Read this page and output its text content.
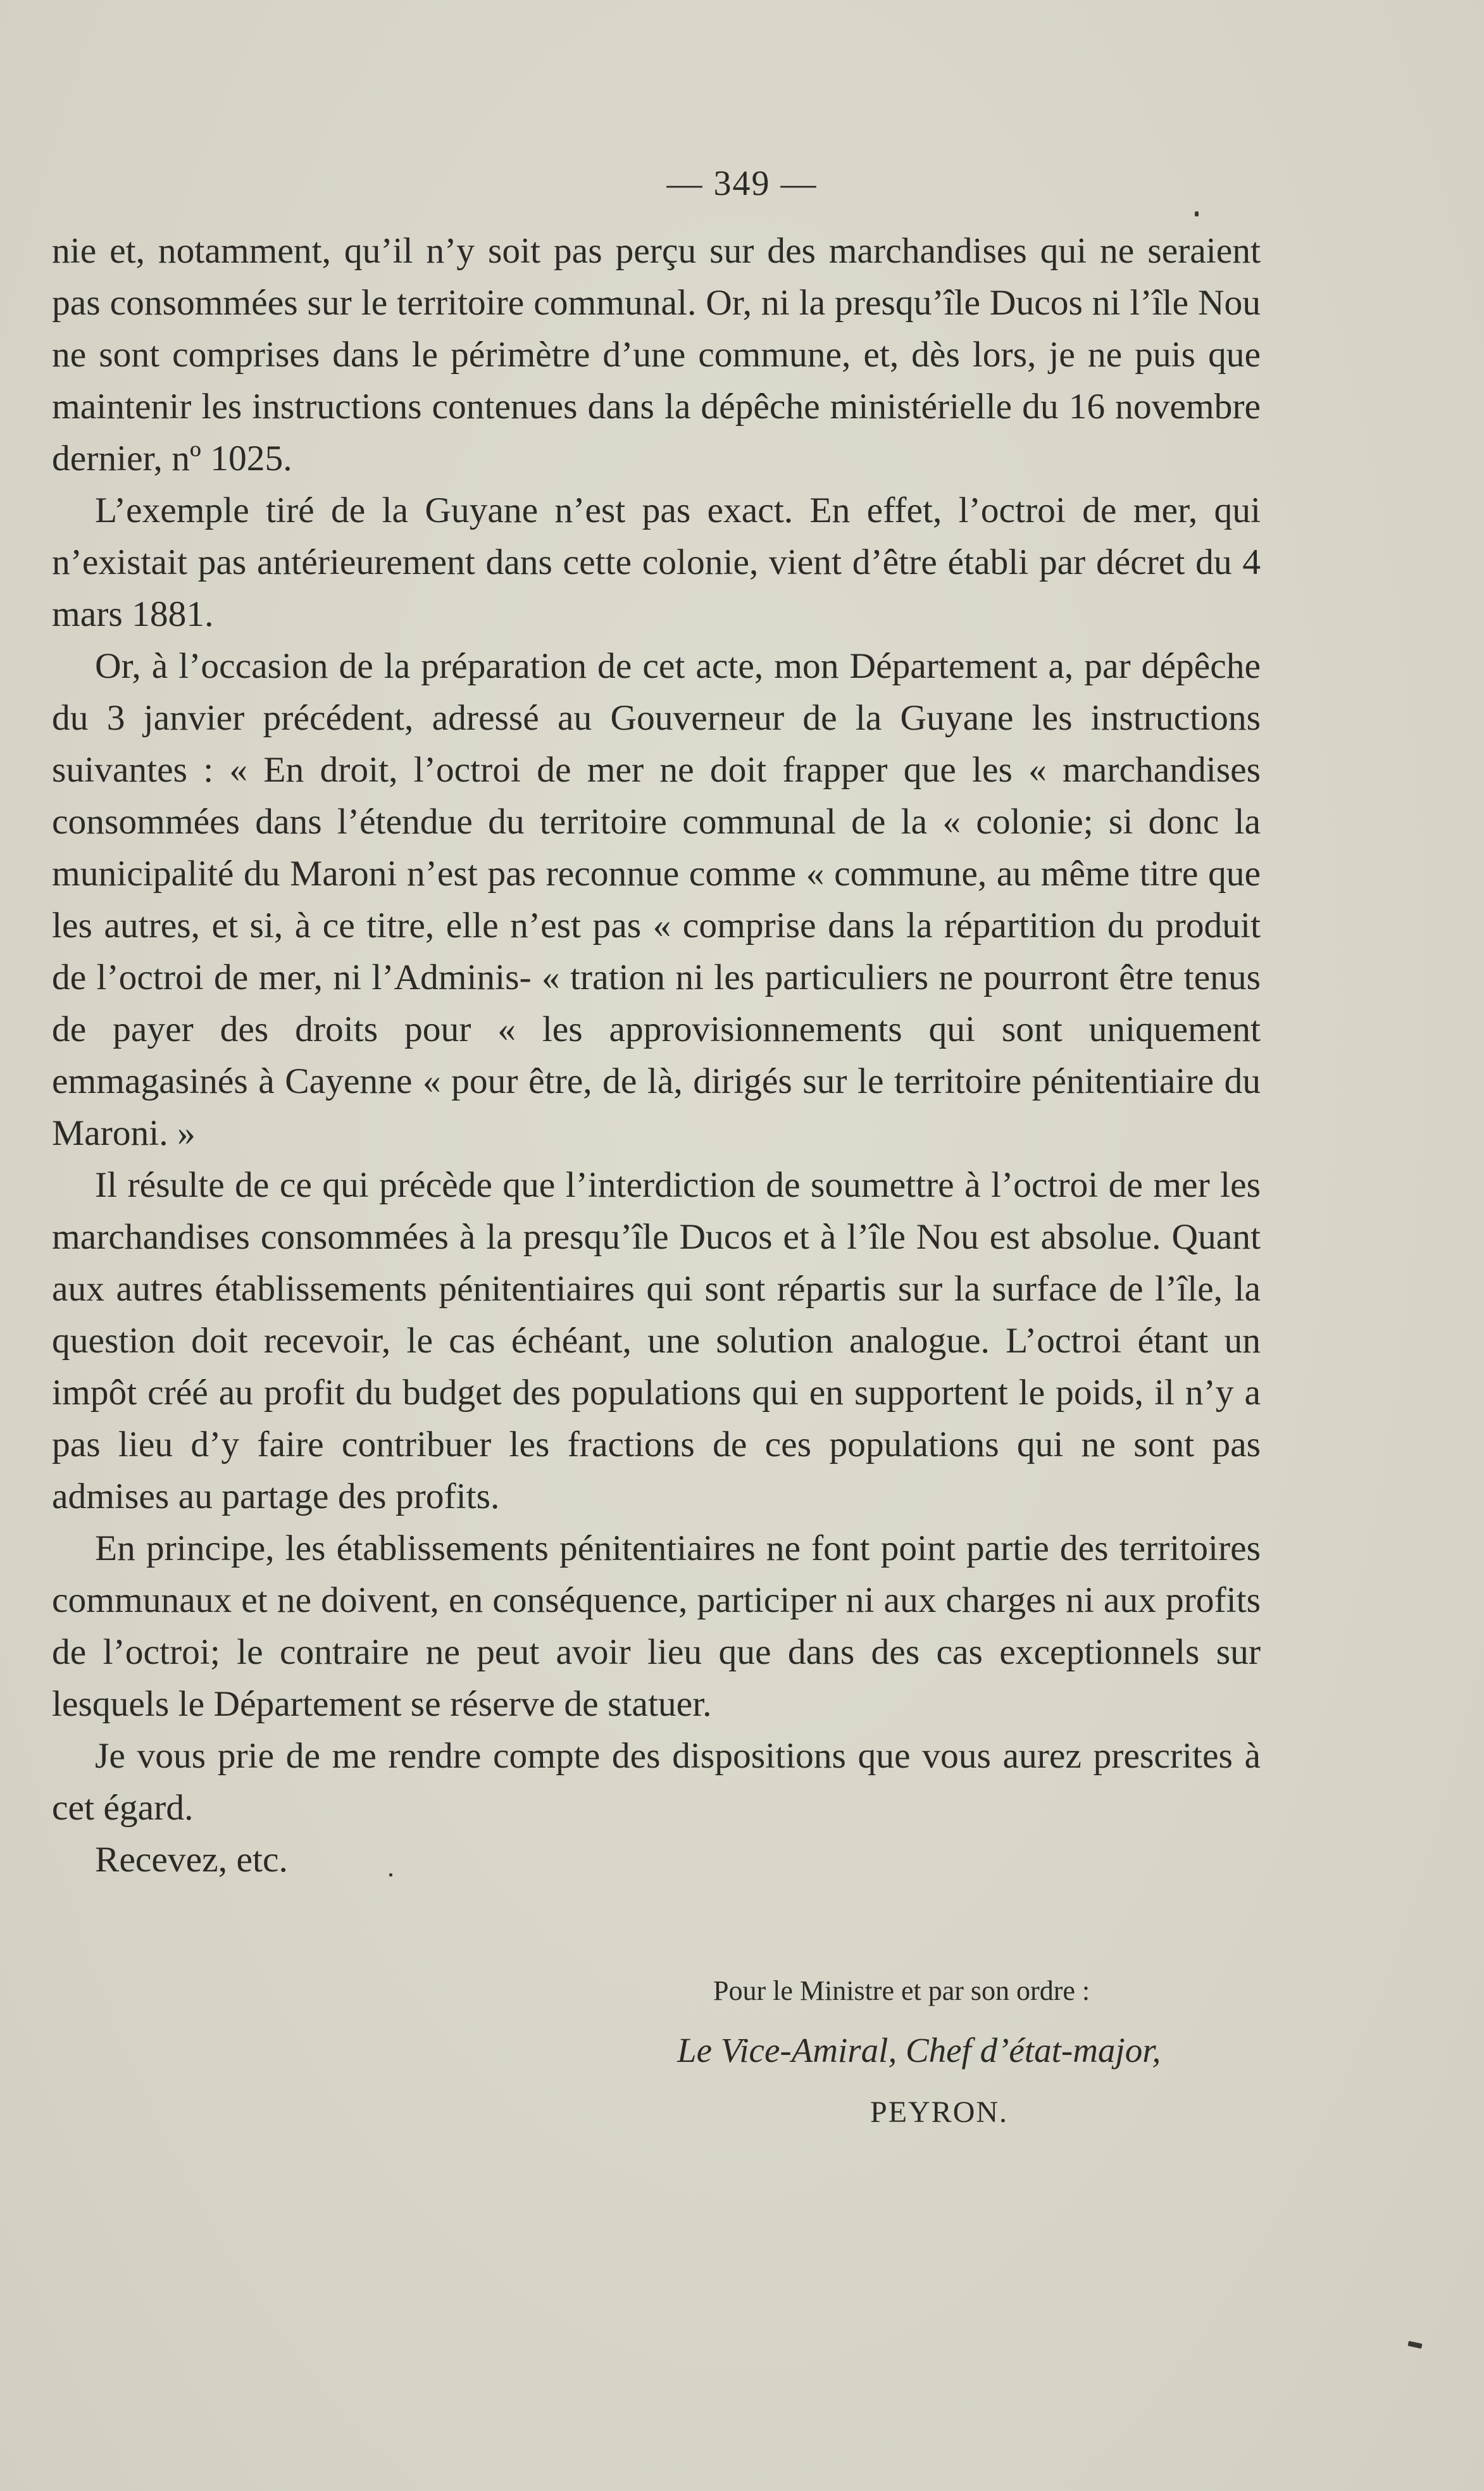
— 349 —

nie et, notamment, qu’il n’y soit pas perçu sur des marchandises qui ne seraient pas consommées sur le territoire communal. Or, ni la presqu’île Ducos ni l’île Nou ne sont comprises dans le périmètre d’une commune, et, dès lors, je ne puis que maintenir les instructions contenues dans la dépêche ministérielle du 16 novembre dernier, nº 1025.

L’exemple tiré de la Guyane n’est pas exact. En effet, l’octroi de mer, qui n’existait pas antérieurement dans cette colonie, vient d’être établi par décret du 4 mars 1881.

Or, à l’occasion de la préparation de cet acte, mon Département a, par dépêche du 3 janvier précédent, adressé au Gouverneur de la Guyane les instructions suivantes : « En droit, l’octroi de mer ne doit frapper que les « marchandises consommées dans l’étendue du territoire communal de la « colonie; si donc la municipalité du Maroni n’est pas reconnue comme « commune, au même titre que les autres, et si, à ce titre, elle n’est pas « comprise dans la répartition du produit de l’octroi de mer, ni l’Adminis- « tration ni les particuliers ne pourront être tenus de payer des droits pour « les approvisionnements qui sont uniquement emmagasinés à Cayenne « pour être, de là, dirigés sur le territoire pénitentiaire du Maroni. »

Il résulte de ce qui précède que l’interdiction de soumettre à l’octroi de mer les marchandises consommées à la presqu’île Ducos et à l’île Nou est absolue. Quant aux autres établissements pénitentiaires qui sont répartis sur la surface de l’île, la question doit recevoir, le cas échéant, une solution analogue. L’octroi étant un impôt créé au profit du budget des populations qui en supportent le poids, il n’y a pas lieu d’y faire contribuer les fractions de ces populations qui ne sont pas admises au partage des profits.

En principe, les établissements pénitentiaires ne font point partie des territoires communaux et ne doivent, en conséquence, participer ni aux charges ni aux profits de l’octroi; le contraire ne peut avoir lieu que dans des cas exceptionnels sur lesquels le Département se réserve de statuer.

Je vous prie de me rendre compte des dispositions que vous aurez prescrites à cet égard.

Recevez, etc.

Pour le Ministre et par son ordre :
Le Vice-Amiral, Chef d’état-major,
PEYRON.
